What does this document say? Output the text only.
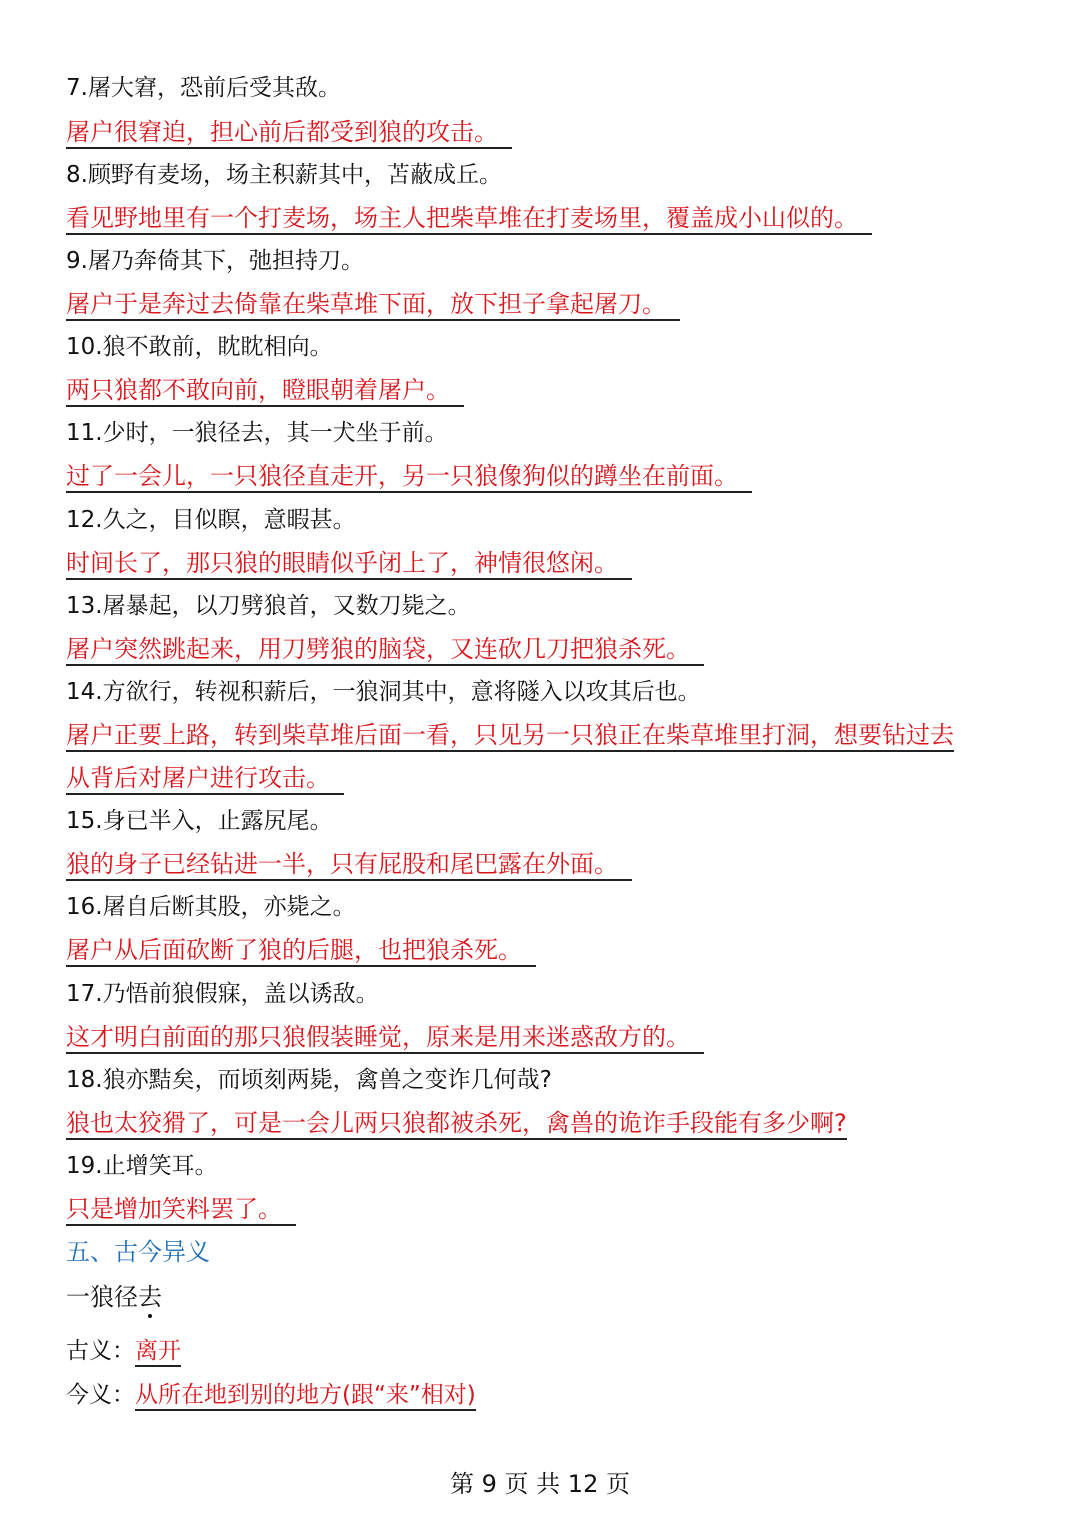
7.屠大窘，恐前后受其敌。
屠户很窘迫，担心前后都受到狼的攻击。
8.顾野有麦场，场主积薪其中，苫蔽成丘。
看见野地里有一个打麦场，场主人把柴草堆在打麦场里，覆盖成小山似的。
9.屠乃奔倚其下，弛担持刀。
屠户于是奔过去倚靠在柴草堆下面，放下担子拿起屠刀。
10.狼不敢前，眈眈相向。
两只狼都不敢向前，瞪眼朝着屠户。
11.少时，一狼径去，其一犬坐于前。
过了一会儿，一只狼径直走开，另一只狼像狗似的蹲坐在前面。
12.久之，目似瞑，意暇甚。
时间长了，那只狼的眼睛似乎闭上了，神情很悠闲。
13.屠暴起，以刀劈狼首，又数刀毙之。
屠户突然跳起来，用刀劈狼的脑袋，又连砍几刀把狼杀死。
14.方欲行，转视积薪后，一狼洞其中，意将隧入以攻其后也。
屠户正要上路，转到柴草堆后面一看，只见另一只狼正在柴草堆里打洞，想要钻过去
从背后对屠户进行攻击。
15.身已半入，止露尻尾。
狼的身子已经钻进一半，只有屁股和尾巴露在外面。
16.屠自后断其股，亦毙之。
屠户从后面砍断了狼的后腿，也把狼杀死。
17.乃悟前狼假寐，盖以诱敌。
这才明白前面的那只狼假装睡觉，原来是用来迷惑敌方的。
18.狼亦黠矣，而顷刻两毙，禽兽之变诈几何哉?
狼也太狡猾了，可是一会儿两只狼都被杀死，禽兽的诡诈手段能有多少啊?
19.止增笑耳。
只是增加笑料罢了。
五、古今异义
一狼径去
古义：离开
今义：从所在地到别的地方(跟“来”相对)
第 9 页 共 12 页
